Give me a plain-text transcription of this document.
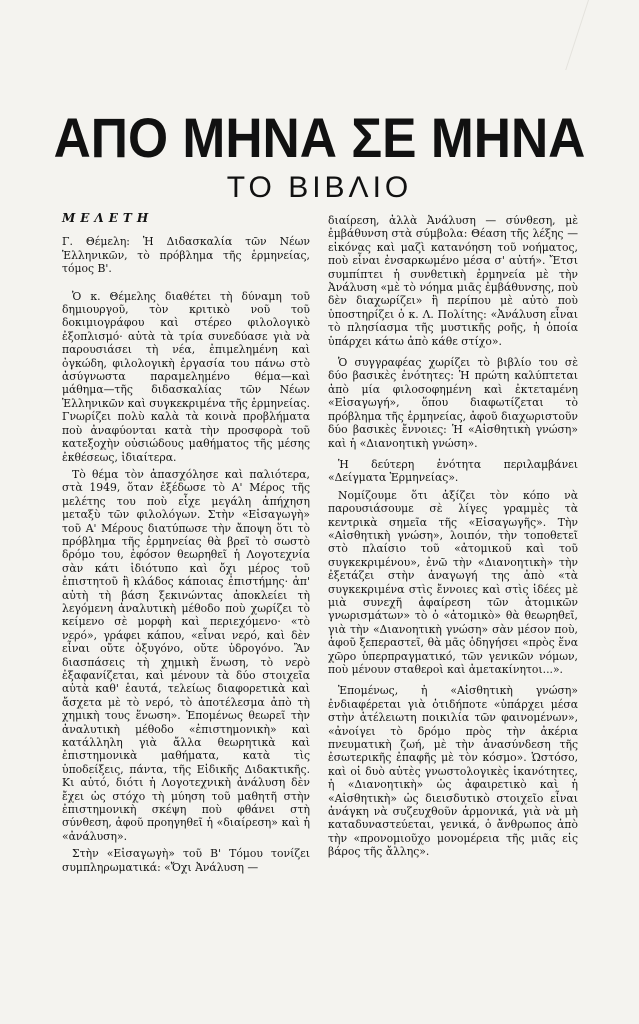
ΑΠΟ ΜΗΝΑ ΣΕ ΜΗΝΑ
ΤΟ ΒΙΒΛΙΟ
ΜΕΛΕΤΗ
Γ. Θέμελη: Ἡ Διδασκαλία τῶν Νέων Ἑλληνικῶν, τὸ πρόβλημα τῆς ἑρμηνείας, τόμος Β'.

Ὁ κ. Θέμελης διαθέτει τὴ δύναμη τοῦ δημιουργοῦ, τὸν κριτικὸ νοῦ τοῦ δοκιμιογράφου καὶ στέρεο φιλολογικὸ ἐξοπλισμό· αὐτὰ τὰ τρία συνεδύασε γιὰ νὰ παρουσιάσει τὴ νέα, ἐπιμελημένη καὶ ὀγκώδη, φιλολογικὴ ἐργασία του πάνω στὸ ἀσύγνωστα παραμελημένο θέμα—καὶ μάθημα—τῆς διδασκαλίας τῶν Νέων Ἑλληνικῶν καὶ συγκεκριμένα τῆς ἑρμηνείας. Γνωρίζει πολὺ καλὰ τὰ κοινὰ προβλήματα ποὺ ἀναφύονται κατὰ τὴν προσφορὰ τοῦ κατεξοχὴν οὐσιώδους μαθήματος τῆς μέσης ἐκθέσεως, ἰδιαίτερα.

Τὸ θέμα τὸν ἀπασχόλησε καὶ παλιότερα, στὰ 1949, ὅταν ἐξέδωσε τὸ Α' Μέρος τῆς μελέτης του ποὺ εἶχε μεγάλη ἀπήχηση μεταξὺ τῶν φιλολόγων. Στὴν «Εἰσαγωγὴ» τοῦ Α' Μέρους διατύπωσε τὴν ἄποψη ὅτι τὸ πρόβλημα τῆς ἑρμηνείας θὰ βρεῖ τὸ σωστὸ δρόμο του, ἐφόσον θεωρηθεῖ ἡ Λογοτεχνία σὰν κάτι ἰδιότυπο καὶ ὄχι μέρος τοῦ ἐπιστητοῦ ἢ κλάδος κάποιας ἐπιστήμης· ἀπ' αὐτὴ τὴ βάση ξεκινώντας ἀποκλείει τὴ λεγόμενη ἀναλυτικὴ μέθοδο ποὺ χωρίζει τὸ κείμενο σὲ μορφὴ καὶ περιεχόμενο· «τὸ νερό», γράφει κάπου, «εἶναι νερό, καὶ δὲν εἶναι οὔτε ὀξυγόνο, οὔτε ὑδρογόνο. Ἂν διασπάσεις τὴ χημικὴ ἕνωση, τὸ νερὸ ἐξαφανίζεται, καὶ μένουν τὰ δύο στοιχεῖα αὐτὰ καθ' ἑαυτά, τελείως διαφορετικὰ καὶ ἄσχετα μὲ τὸ νερό, τὸ ἀποτέλεσμα ἀπὸ τὴ χημικὴ τους ἕνωση». Ἑπομένως θεωρεῖ τὴν ἀναλυτικὴ μέθοδο «ἐπιστημονικὴ» καὶ κατάλληλη γιὰ ἄλλα θεωρητικὰ καὶ ἐπιστημονικὰ μαθήματα, κατὰ τὶς ὑποδείξεις, πάντα, τῆς Εἰδικῆς Διδακτικῆς. Κι αὐτό, διότι ἡ Λογοτεχνικὴ ἀνάλυση δὲν ἔχει ὡς στόχο τὴ μύηση τοῦ μαθητῆ στὴν ἐπιστημονικὴ σκέψη ποὺ φθάνει στὴ σύνθεση, ἀφοῦ προηγηθεῖ ἡ «διαίρεση» καὶ ἡ «ἀνάλυση».

Στὴν «Εἰσαγωγὴ» τοῦ Β' Τόμου τονίζει συμπληρωματικά: «Ὄχι Ἀνάλυση —

διαίρεση, ἀλλὰ Ἀνάλυση — σύνθεση, μὲ ἐμβάθυνση στὰ σύμβολα: Θέαση τῆς λέξης — εἰκόνας καὶ μαζὶ κατανόηση τοῦ νοήματος, ποὺ εἶναι ἐνσαρκωμένο μέσα σ' αὐτή». Ἔτσι συμπίπτει ἡ συνθετικὴ ἑρμηνεία μὲ τὴν Ἀνάλυση «μὲ τὸ νόημα μιᾶς ἐμβάθυνσης, ποὺ δὲν διαχωρίζει» ἢ περίπου μὲ αὐτὸ ποὺ ὑποστηρίζει ὁ κ. Λ. Πολίτης: «Ἀνάλυση εἶναι τὸ πλησίασμα τῆς μυστικῆς ροῆς, ἡ ὁποία ὑπάρχει κάτω ἀπὸ κάθε στίχο».

Ὁ συγγραφέας χωρίζει τὸ βιβλίο του σὲ δύο βασικὲς ἑνότητες: Ἡ πρώτη καλύπτεται ἀπὸ μία φιλοσοφημένη καὶ ἐκτεταμένη «Εἰσαγωγή», ὅπου διαφωτίζεται τὸ πρόβλημα τῆς ἑρμηνείας, ἀφοῦ διαχωριστοῦν δύο βασικὲς ἔννοιες: Ἡ «Αἰσθητικὴ γνώση» καὶ ἡ «Διανοητικὴ γνώση».

Ἡ δεύτερη ἑνότητα περιλαμβάνει «Δείγματα Ἑρμηνείας».

Νομίζουμε ὅτι ἀξίζει τὸν κόπο νὰ παρουσιάσουμε σὲ λίγες γραμμὲς τὰ κεντρικὰ σημεῖα τῆς «Εἰσαγωγῆς». Τὴν «Αἰσθητικὴ γνώση», λοιπόν, τὴν τοποθετεῖ στὸ πλαίσιο τοῦ «ἀτομικοῦ καὶ τοῦ συγκεκριμένου», ἐνῶ τὴν «Διανοητικὴ» τὴν ἐξετάζει στὴν ἀναγωγή της ἀπὸ «τὰ συγκεκριμένα στὶς ἔννοιες καὶ στὶς ἰδέες μὲ μιὰ συνεχῆ ἀφαίρεση τῶν ἀτομικῶν γνωρισμάτων» τὸ ὁ «ἀτομικὸ» θὰ θεωρηθεῖ, γιὰ τὴν «Διανοητικὴ γνώση» σὰν μέσον ποὺ, ἀφοῦ ξεπεραστεῖ, θὰ μᾶς ὁδηγήσει «πρὸς ἕνα χῶρο ὑπερπραγματικό, τῶν γενικῶν νόμων, ποὺ μένουν σταθεροὶ καὶ ἀμετακίνητοι...».

Ἑπομένως, ἡ «Αἰσθητικὴ γνώση» ἐνδιαφέρεται γιὰ ὁτιδήποτε «ὑπάρχει μέσα στὴν ἀτέλειωτη ποικιλία τῶν φαινομένων», «ἀνοίγει τὸ δρόμο πρὸς τὴν ἀκέρια πνευματικὴ ζωή, μὲ τὴν ἀνασύνδεση τῆς ἐσωτερικῆς ἐπαφῆς μὲ τὸν κόσμο». Ὡστόσο, καὶ οἱ δυὸ αὐτὲς γνωστολογικὲς ἱκανότητες, ἡ «Διανοητικὴ» ὡς ἀφαιρετικὸ καὶ ἡ «Αἰσθητικὴ» ὡς διεισδυτικὸ στοιχεῖο εἶναι ἀνάγκη νὰ συζευχθοῦν ἁρμονικά, γιὰ νὰ μὴ καταδυναστεύεται, γενικά, ὁ ἄνθρωπος ἀπὸ τὴν «προνομιοῦχο μονομέρεια τῆς μιᾶς εἰς βάρος τῆς ἄλλης».
